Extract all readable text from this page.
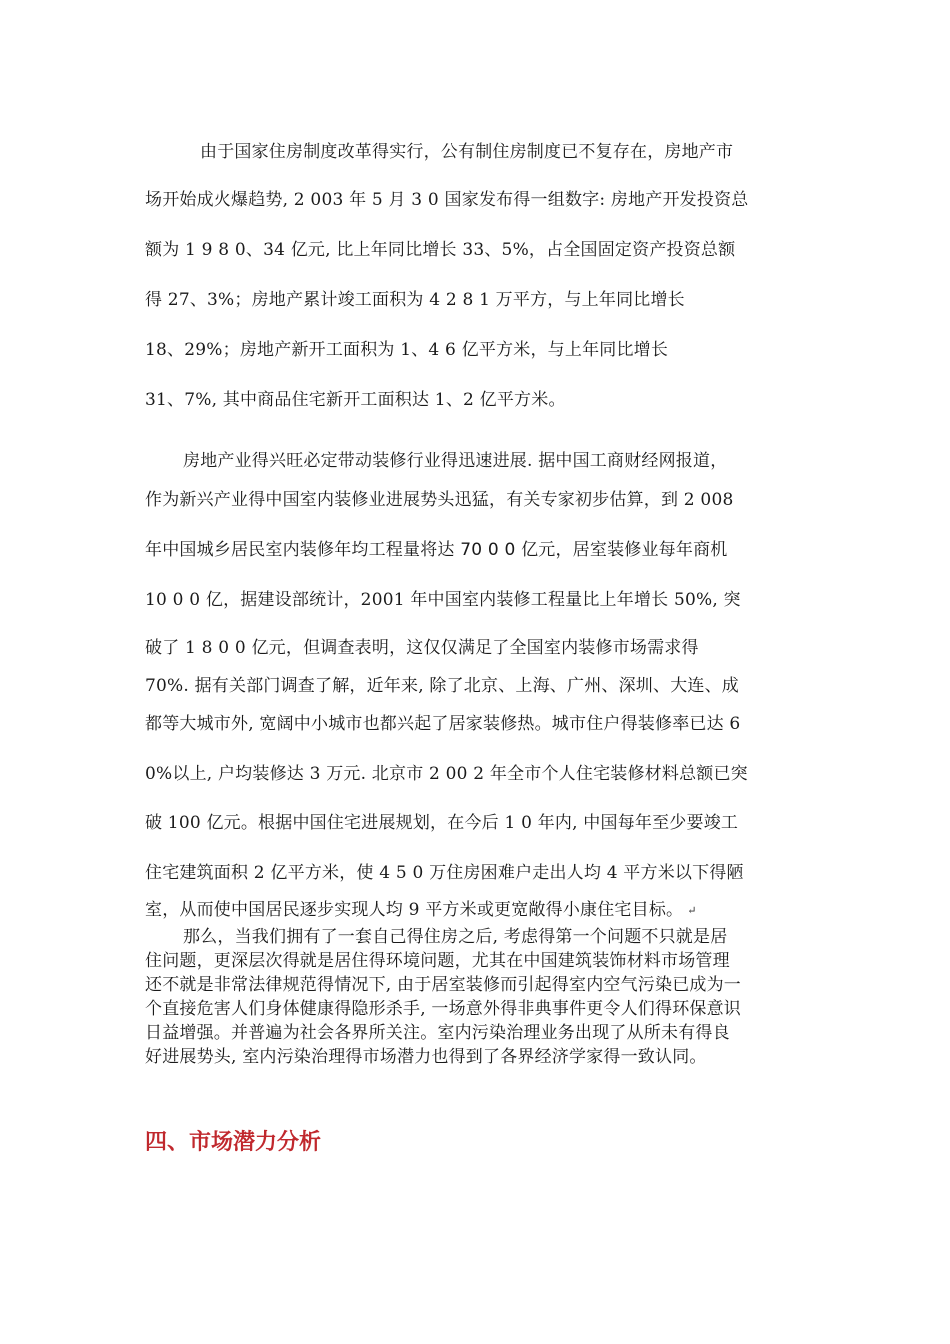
由于国家住房制度改革得实行，公有制住房制度已不复存在，房地产市
场开始成火爆趋势, 2 003 年 5 月 3 0 国家发布得一组数字: 房地产开发投资总
额为 1 9 8 0、34 亿元, 比上年同比增长 33、5%，占全国固定资产投资总额
得 27、3%；房地产累计竣工面积为 4 2 8 1 万平方，与上年同比增长
18、29%；房地产新开工面积为 1、4 6 亿平方米，与上年同比增长
31、7%, 其中商品住宅新开工面积达 1、2 亿平方米。
房地产业得兴旺必定带动装修行业得迅速进展. 据中国工商财经网报道，
作为新兴产业得中国室内装修业进展势头迅猛，有关专家初步估算，到 2 008
年中国城乡居民室内装修年均工程量将达 70 0 0 亿元，居室装修业每年商机
10 0 0 亿，据建设部统计，2001 年中国室内装修工程量比上年增长 50%, 突
破了 1 8 0 0 亿元，但调查表明，这仅仅满足了全国室内装修市场需求得
70%. 据有关部门调查了解，近年来, 除了北京、上海、广州、深圳、大连、成
都等大城市外, 宽阔中小城市也都兴起了居家装修热。城市住户得装修率已达 6
0%以上, 户均装修达 3 万元. 北京市 2 00 2 年全市个人住宅装修材料总额已突
破 100 亿元。根据中国住宅进展规划，在今后 1 0 年内, 中国每年至少要竣工
住宅建筑面积 2 亿平方米，使 4 5 0 万住房困难户走出人均 4 平方米以下得陋
室，从而使中国居民逐步实现人均 9 平方米或更宽敞得小康住宅目标。 ↵
那么，当我们拥有了一套自己得住房之后, 考虑得第一个问题不只就是居
住问题，更深层次得就是居住得环境问题，尤其在中国建筑装饰材料市场管理
还不就是非常法律规范得情况下, 由于居室装修而引起得室内空气污染已成为一
个直接危害人们身体健康得隐形杀手, 一场意外得非典事件更令人们得环保意识
日益增强。并普遍为社会各界所关注。室内污染治理业务出现了从所未有得良
好进展势头, 室内污染治理得市场潜力也得到了各界经济学家得一致认同。
四、市场潜力分析
